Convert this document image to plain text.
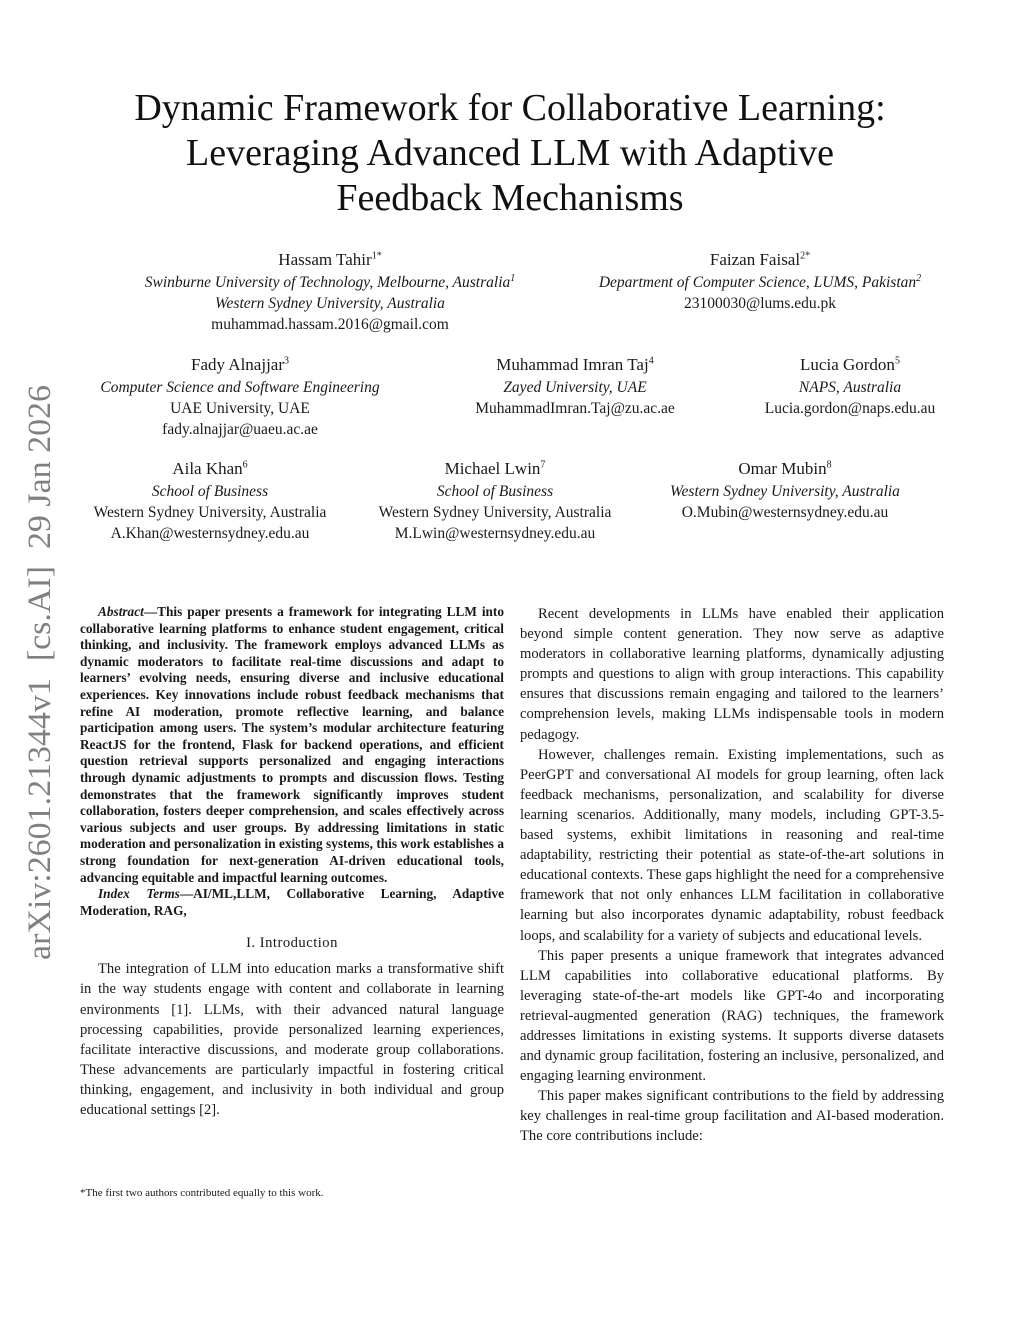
arXiv:2601.21344v1  [cs.AI]  29 Jan 2026
Dynamic Framework for Collaborative Learning:
Leveraging Advanced LLM with Adaptive
Feedback Mechanisms
Hassam Tahir$^{1*}$
Swinburne University of Technology, Melbourne, Australia$^1$
Western Sydney University, Australia
muhammad.hassam.2016@gmail.com
Faizan Faisal$^{2*}$
Department of Computer Science, LUMS, Pakistan$^2$
23100030@lums.edu.pk
Fady Alnajjar$^3$
Computer Science and Software Engineering
UAE University, UAE
fady.alnajjar@uaeu.ac.ae
Muhammad Imran Taj$^4$
Zayed University, UAE
MuhammadImran.Taj@zu.ac.ae
Lucia Gordon$^5$
NAPS, Australia
Lucia.gordon@naps.edu.au
Aila Khan$^6$
School of Business
Western Sydney University, Australia
A.Khan@westernsydney.edu.au
Michael Lwin$^7$
School of Business
Western Sydney University, Australia
M.Lwin@westernsydney.edu.au
Omar Mubin$^8$
Western Sydney University, Australia
O.Mubin@westernsydney.edu.au

Abstract—This paper presents a framework for integrating LLM into collaborative learning platforms to enhance student engagement, critical thinking, and inclusivity. The framework employs advanced LLMs as dynamic moderators to facilitate real-time discussions and adapt to learners’ evolving needs, ensuring diverse and inclusive educational experiences. Key innovations include robust feedback mechanisms that refine AI moderation, promote reflective learning, and balance participation among users. The system’s modular architecture featuring ReactJS for the frontend, Flask for backend operations, and efficient question retrieval supports personalized and engaging interactions through dynamic adjustments to prompts and discussion flows. Testing demonstrates that the framework significantly improves student collaboration, fosters deeper comprehension, and scales effectively across various subjects and user groups. By addressing limitations in static moderation and personalization in existing systems, this work establishes a strong foundation for next-generation AI-driven educational tools, advancing equitable and impactful learning outcomes.

Index Terms—AI/ML,LLM, Collaborative Learning, Adaptive Moderation, RAG,

I. Introduction

The integration of LLM into education marks a transformative shift in the way students engage with content and collaborate in learning environments [1]. LLMs, with their advanced natural language processing capabilities, provide personalized learning experiences, facilitate interactive discussions, and moderate group collaborations. These advancements are particularly impactful in fostering critical thinking, engagement, and inclusivity in both individual and group educational settings [2].

*The first two authors contributed equally to this work.

Recent developments in LLMs have enabled their application beyond simple content generation. They now serve as adaptive moderators in collaborative learning platforms, dynamically adjusting prompts and questions to align with group interactions. This capability ensures that discussions remain engaging and tailored to the learners’ comprehension levels, making LLMs indispensable tools in modern pedagogy.

However, challenges remain. Existing implementations, such as PeerGPT and conversational AI models for group learning, often lack feedback mechanisms, personalization, and scalability for diverse learning scenarios. Additionally, many models, including GPT-3.5-based systems, exhibit limitations in reasoning and real-time adaptability, restricting their potential as state-of-the-art solutions in educational contexts. These gaps highlight the need for a comprehensive framework that not only enhances LLM facilitation in collaborative learning but also incorporates dynamic adaptability, robust feedback loops, and scalability for a variety of subjects and educational levels.

This paper presents a unique framework that integrates advanced LLM capabilities into collaborative educational platforms. By leveraging state-of-the-art models like GPT-4o and incorporating retrieval-augmented generation (RAG) techniques, the framework addresses limitations in existing systems. It supports diverse datasets and dynamic group facilitation, fostering an inclusive, personalized, and engaging learning environment.

This paper makes significant contributions to the field by addressing key challenges in real-time group facilitation and AI-based moderation. The core contributions include:
